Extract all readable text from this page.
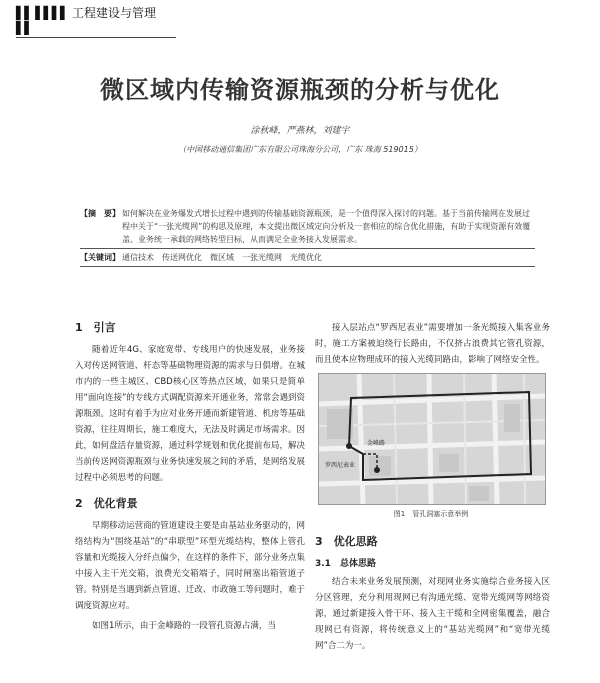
▌▌ ▌▌▌▌ 工程建设与管理 ▌▌
微区域内传输资源瓶颈的分析与优化
涂秋峰，严燕林，刘建宇
（中国移动通信集团广东有限公司珠海分公司，广东 珠海 519015）
【摘　要】 如何解决在业务爆发式增长过程中遇到的传输基础资源瓶颈，是一个值得深入探讨的问题。基于当前传输网在发展过程中关于“一张光缆网”的构思及原理，本文提出微区域定向分析及一套相应的综合优化措施，有助于实现资源有效覆盖、业务统一承载的网络转型目标，从而满足全业务接入发展需求。
【关键词】 通信技术　传送网优化　微区域　一张光缆网　光缆优化
1　引言

随着近年4G、家庭宽带、专线用户的快速发展，业务接入对传送网管道、杆态等基础物理资源的需求与日俱增。在城市内的一些主城区、CBD核心区等热点区域，如果只是简单用“面向连接”的专线方式调配资源来开通业务，常常会遇到资源瓶颈。这时有着手为应对业务开通而新建管道、机房等基础资源，往往周期长，施工难度大，无法及时满足市场需求。因此，如何盘活存量资源，通过科学规划和优化提前布局，解决当前传送网资源瓶颈与业务快速发展之间的矛盾，是网络发展过程中必须思考的问题。

2　优化背景

早期移动运营商的管道建设主要是由基站业务驱动的，网络结构为“围绕基站”的“串联型”环型光缆结构，整体上管孔容量和光缆接入分纤点偏少，在这样的条件下，部分业务点集中接入主干光交箱，浪费光交箱端子，同时闸塞出箱管道子管。特别是当遇到新点管道、迁改、市政施工等问题时，难于调度资源应对。

如图1所示，由于金峰路的一段管孔资源占满，当

接入层站点“罗西尼表业”需要增加一条光缆接入集客业务时，施工方案被迫绕行长路由，不仅挤占浪费其它管孔资源，而且使本应物理成环的接入光缆同路由，影响了网络安全性。

金峰路
罗西尼表业
图1　管孔洞塞示意举例
3　优化思路
3.1　总体思路

结合未来业务发展预测，对现网业务实施综合业务接入区分区管理，充分利用现网已有沟通光缆、宽带光缆网等网络资源，通过新建接入骨干环、接入主干缆和全网密集覆盖，融合现网已有资源，将传统意义上的“基站光缆网”和“宽带光缆网”合二为一。
